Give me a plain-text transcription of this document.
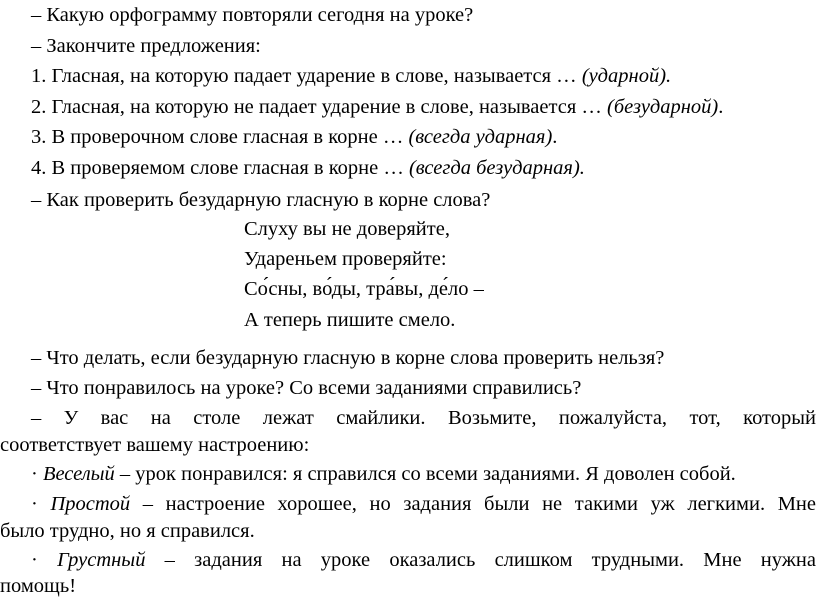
– Какую орфограмму повторяли сегодня на уроке?
– Закончите предложения:
1. Гласная, на которую падает ударение в слове, называется … (ударной).
2. Гласная, на которую не падает ударение в слове, называется … (безударной).
3. В проверочном слове гласная в корне … (всегда ударная).
4. В проверяемом слове гласная в корне … (всегда безударная).
– Как проверить безударную гласную в корне слова?
Слуху вы не доверяйте,
Удареньем проверяйте:
Со́сны, во́ды, тра́вы, де́ло –
А теперь пишите смело.
– Что делать, если безударную гласную в корне слова проверить нельзя?
– Что понравилось на уроке? Со всеми заданиями справились?
– У вас на столе лежат смайлики. Возьмите, пожалуйста, тот, который
соответствует вашему настроению:
· Веселый – урок понравился: я справился со всеми заданиями. Я доволен собой.
· Простой – настроение хорошее, но задания были не такими уж легкими. Мне
было трудно, но я справился.
· Грустный – задания на уроке оказались слишком трудными. Мне нужна
помощь!
